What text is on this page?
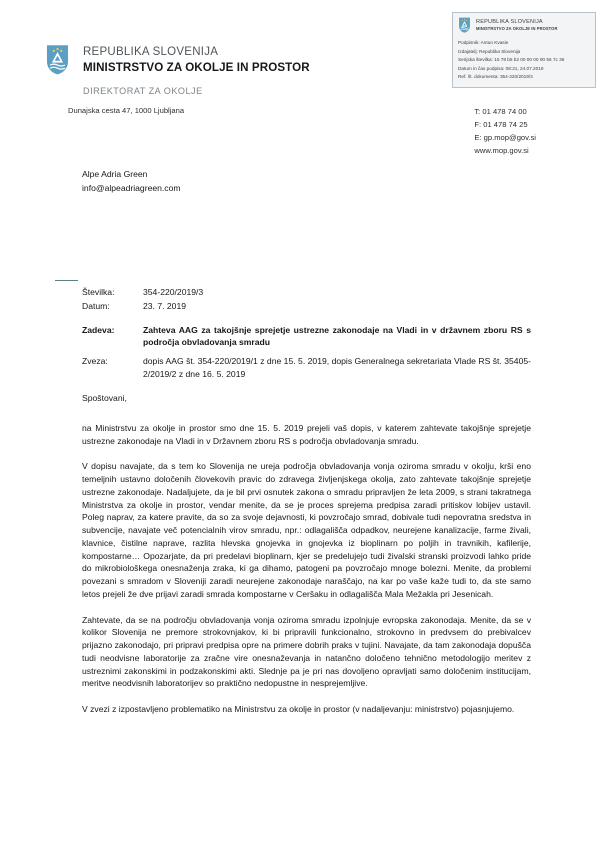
REPUBLIKA SLOVENIJA
MINISTRSTVO ZA OKOLJE IN PROSTOR
Podpisnik: Antun Kvasie
Izdajatelj: Republika Slovenija
Serijska številka: 15 78 b5 b2 00 00 00 00 56 7c 36
Datum in čas podpisa: 08:21, 24.07.2019
Ref. št. dokumenta: 354-220/2019/3
REPUBLIKA SLOVENIJA
MINISTRSTVO ZA OKOLJE IN PROSTOR
DIREKTORAT ZA OKOLJE
Dunajska cesta 47, 1000 Ljubljana	T: 01 478 74 00
F: 01 478 74 25
E: gp.mop@gov.si
www.mop.gov.si
Alpe Adria Green
info@alpeadriagreen.com
Številka:	354-220/2019/3
Datum:	23. 7. 2019
Zadeva:	Zahteva AAG za takojšnje sprejetje ustrezne zakonodaje na Vladi in v državnem zboru RS s področja obvladovanja smradu
Zveza:	dopis AAG št. 354-220/2019/1 z dne 15. 5. 2019, dopis Generalnega sekretariata Vlade RS št. 35405-2/2019/2 z dne 16. 5. 2019

Spoštovani,

na Ministrstvu za okolje in prostor smo dne 15. 5. 2019 prejeli vaš dopis, v katerem zahtevate takojšnje sprejetje ustrezne zakonodaje na Vladi in v Državnem zboru RS s področja obvladovanja smradu.

V dopisu navajate, da s tem ko Slovenija ne ureja področja obvladovanja vonja oziroma smradu v okolju, krši eno temeljnih ustavno določenih človekovih pravic do zdravega življenjskega okolja, zato zahtevate takojšnje sprejetje ustrezne zakonodaje. Nadaljujete, da je bil prvi osnutek zakona o smradu pripravljen že leta 2009, s strani takratnega Ministrstva za okolje in prostor, vendar menite, da se je proces sprejema predpisa zaradi pritiskov lobijev ustavil. Poleg naprav, za katere pravite, da so za svoje dejavnosti, ki povzročajo smrad, dobivale tudi nepovratna sredstva in subvencije, navajate več potencialnih virov smradu, npr.: odlagališča odpadkov, neurejene kanalizacije, farme živali, klavnice, čistilne naprave, razlita hlevska gnojevka in gnojevka iz bioplinarn po poljih in travnikih, kafilerije, kompostarne… Opozarjate, da pri predelavi bioplinarn, kjer se predelujejo tudi živalski stranski proizvodi lahko pride do mikrobiološkega onesnaženja zraka, ki ga dihamo, patogeni pa povzročajo mnoge bolezni. Menite, da problemi povezani s smradom v Sloveniji zaradi neurejene zakonodaje naraščajo, na kar po vaše kaže tudi to, da ste samo letos prejeli že dve prijavi zaradi smrada kompostarne v Ceršaku in odlagališča Mala Mežakla pri Jesenicah.

Zahtevate, da se na področju obvladovanja vonja oziroma smradu izpolnjuje evropska zakonodaja. Menite, da se v kolikor Slovenija ne premore strokovnjakov, ki bi pripravili funkcionalno, strokovno in predvsem do prebivalcev prijazno zakonodajo, pri pripravi predpisa opre na primere dobrih praks v tujini. Navajate, da tam zakonodaja dopušča tudi neodvisne laboratorije za zračne vire onesnaževanja in natančno določeno tehnično metodologijo meritev z ustreznimi zakonskimi in podzakonskimi akti. Slednje pa je pri nas dovoljeno opravljati samo določenim institucijam, meritve neodvisnih laboratorijev so praktično nedopustne in nesprejemljive.

V zvezi z izpostavljeno problematiko na Ministrstvu za okolje in prostor (v nadaljevanju: ministrstvo) pojasnjujemo.
